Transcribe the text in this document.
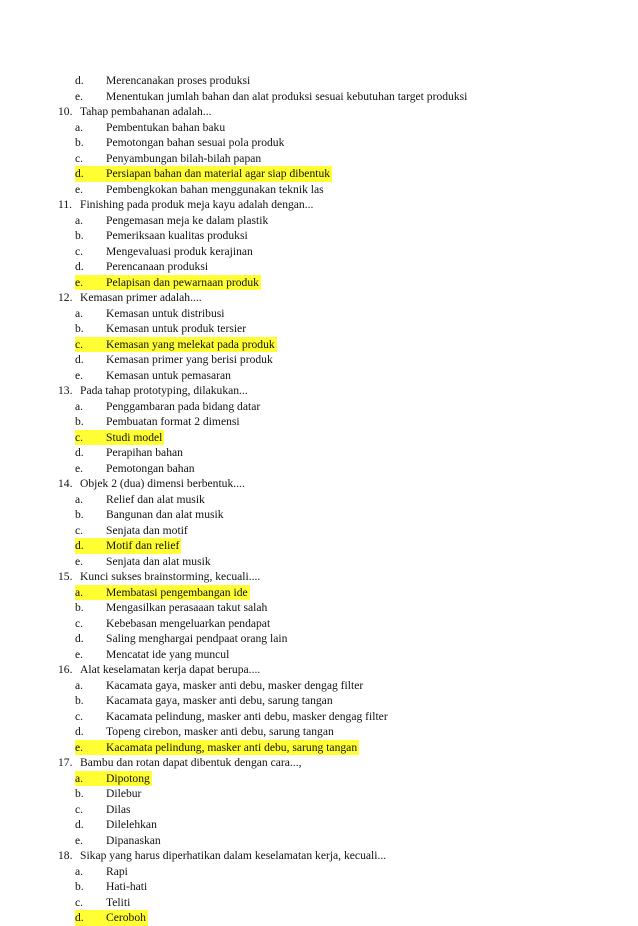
d. Merencanakan proses produksi
e. Menentukan jumlah bahan dan alat produksi sesuai kebutuhan target produksi
10. Tahap pembahanan adalah...
a. Pembentukan bahan baku
b. Pemotongan bahan sesuai pola produk
c. Penyambungan bilah-bilah papan
d. Persiapan bahan dan material agar siap dibentuk
e. Pembengkokan bahan menggunakan teknik las
11. Finishing pada produk meja kayu adalah dengan...
a. Pengemasan meja ke dalam plastik
b. Pemeriksaan kualitas produksi
c. Mengevaluasi produk kerajinan
d. Perencanaan produksi
e. Pelapisan dan pewarnaan produk
12. Kemasan primer adalah....
a. Kemasan untuk distribusi
b. Kemasan untuk produk tersier
c. Kemasan yang melekat pada produk
d. Kemasan primer yang berisi produk
e. Kemasan untuk pemasaran
13. Pada tahap prototyping, dilakukan...
a. Penggambaran pada bidang datar
b. Pembuatan format 2 dimensi
c. Studi model
d. Perapihan bahan
e. Pemotongan bahan
14. Objek 2 (dua) dimensi berbentuk....
a. Relief dan alat musik
b. Bangunan dan alat musik
c. Senjata dan motif
d. Motif dan relief
e. Senjata dan alat musik
15. Kunci sukses brainstorming, kecuali....
a. Membatasi pengembangan ide
b. Mengasilkan perasaaan takut salah
c. Kebebasan mengeluarkan pendapat
d. Saling menghargai pendpaat orang lain
e. Mencatat ide yang muncul
16. Alat keselamatan kerja dapat berupa....
a. Kacamata gaya, masker anti debu, masker dengag filter
b. Kacamata gaya, masker anti debu, sarung tangan
c. Kacamata pelindung, masker anti debu, masker dengag filter
d. Topeng cirebon, masker anti debu, sarung tangan
e. Kacamata pelindung, masker anti debu, sarung tangan
17. Bambu dan rotan dapat dibentuk dengan cara...,
a. Dipotong
b. Dilebur
c. Dilas
d. Dilelehkan
e. Dipanaskan
18. Sikap yang harus diperhatikan dalam keselamatan kerja, kecuali...
a. Rapi
b. Hati-hati
c. Teliti
d. Ceroboh
